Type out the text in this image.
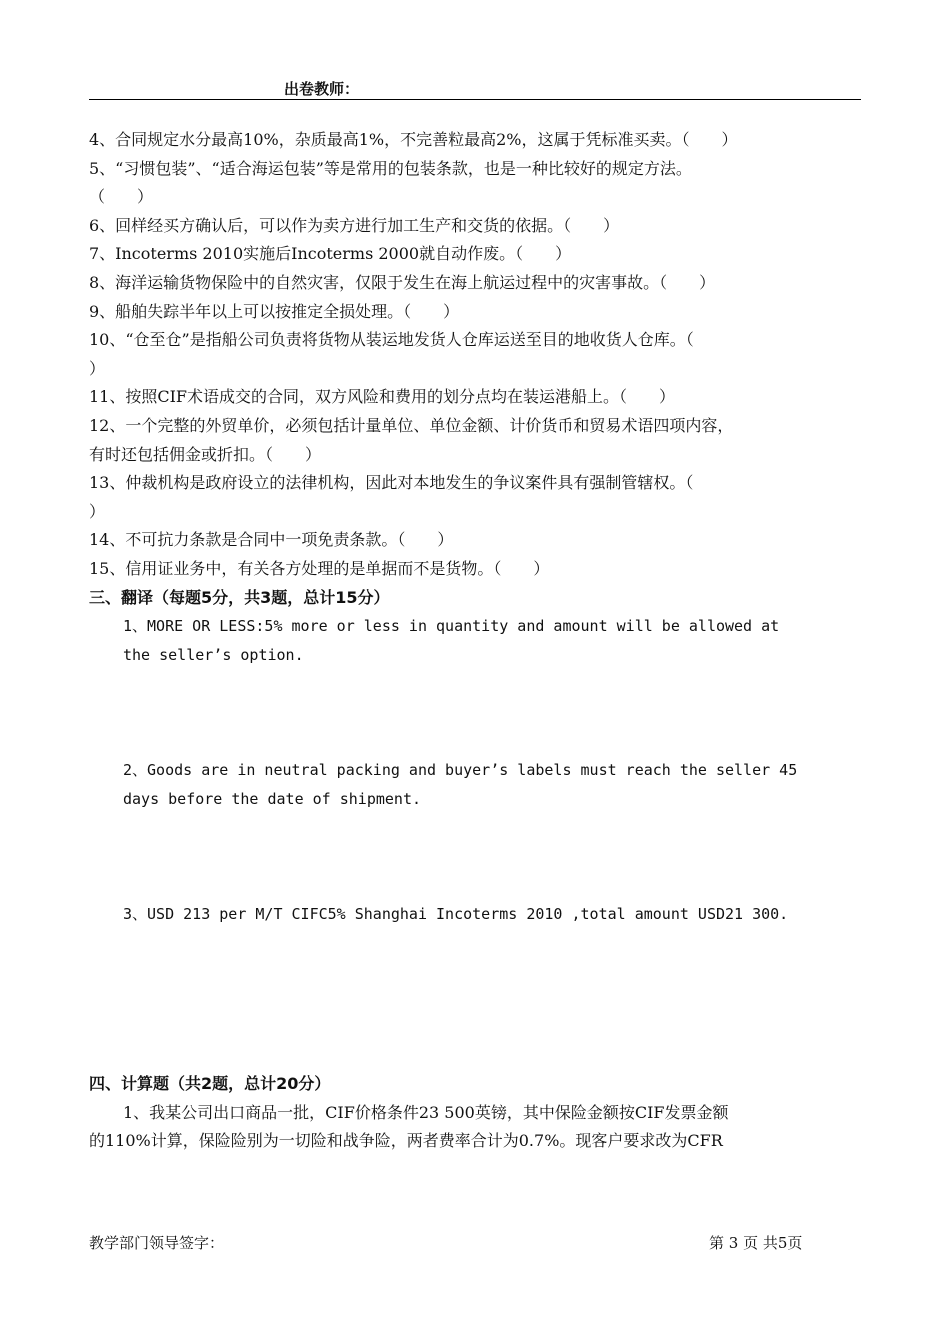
出卷教师：
4、合同规定水分最高10%，杂质最高1%，不完善粒最高2%，这属于凭标准买卖。（　　）
5、“习惯包装”、“适合海运包装”等是常用的包装条款，也是一种比较好的规定方法。
（　　）
6、回样经买方确认后，可以作为卖方进行加工生产和交货的依据。（　　）
7、Incoterms 2010实施后Incoterms 2000就自动作废。（　　）
8、海洋运输货物保险中的自然灾害，仅限于发生在海上航运过程中的灾害事故。（　　）
9、船舶失踪半年以上可以按推定全损处理。（　　）
10、“仓至仓”是指船公司负责将货物从装运地发货人仓库运送至目的地收货人仓库。（
）
11、按照CIF术语成交的合同，双方风险和费用的划分点均在装运港船上。（　　）
12、一个完整的外贸单价，必须包括计量单位、单位金额、计价货币和贸易术语四项内容，
有时还包括佣金或折扣。（　　）
13、仲裁机构是政府设立的法律机构，因此对本地发生的争议案件具有强制管辖权。（
）
14、不可抗力条款是合同中一项免责条款。（　　）
15、信用证业务中，有关各方处理的是单据而不是货物。（　　）
三、翻译（每题5分，共3题，总计15分）
1、MORE OR LESS:5% more or less in quantity and amount will be allowed at
the seller’s option.
2、Goods are in neutral packing and buyer’s labels must reach the seller 45
days before the date of shipment.
3、USD 213 per M/T CIFC5% Shanghai Incoterms 2010 ,total amount USD21 300.
四、计算题（共2题，总计20分）
1、我某公司出口商品一批，CIF价格条件23 500英镑，其中保险金额按CIF发票金额
的110%计算，保险险别为一切险和战争险，两者费率合计为0.7%。现客户要求改为CFR
教学部门领导签字：	第 3 页 共5页
